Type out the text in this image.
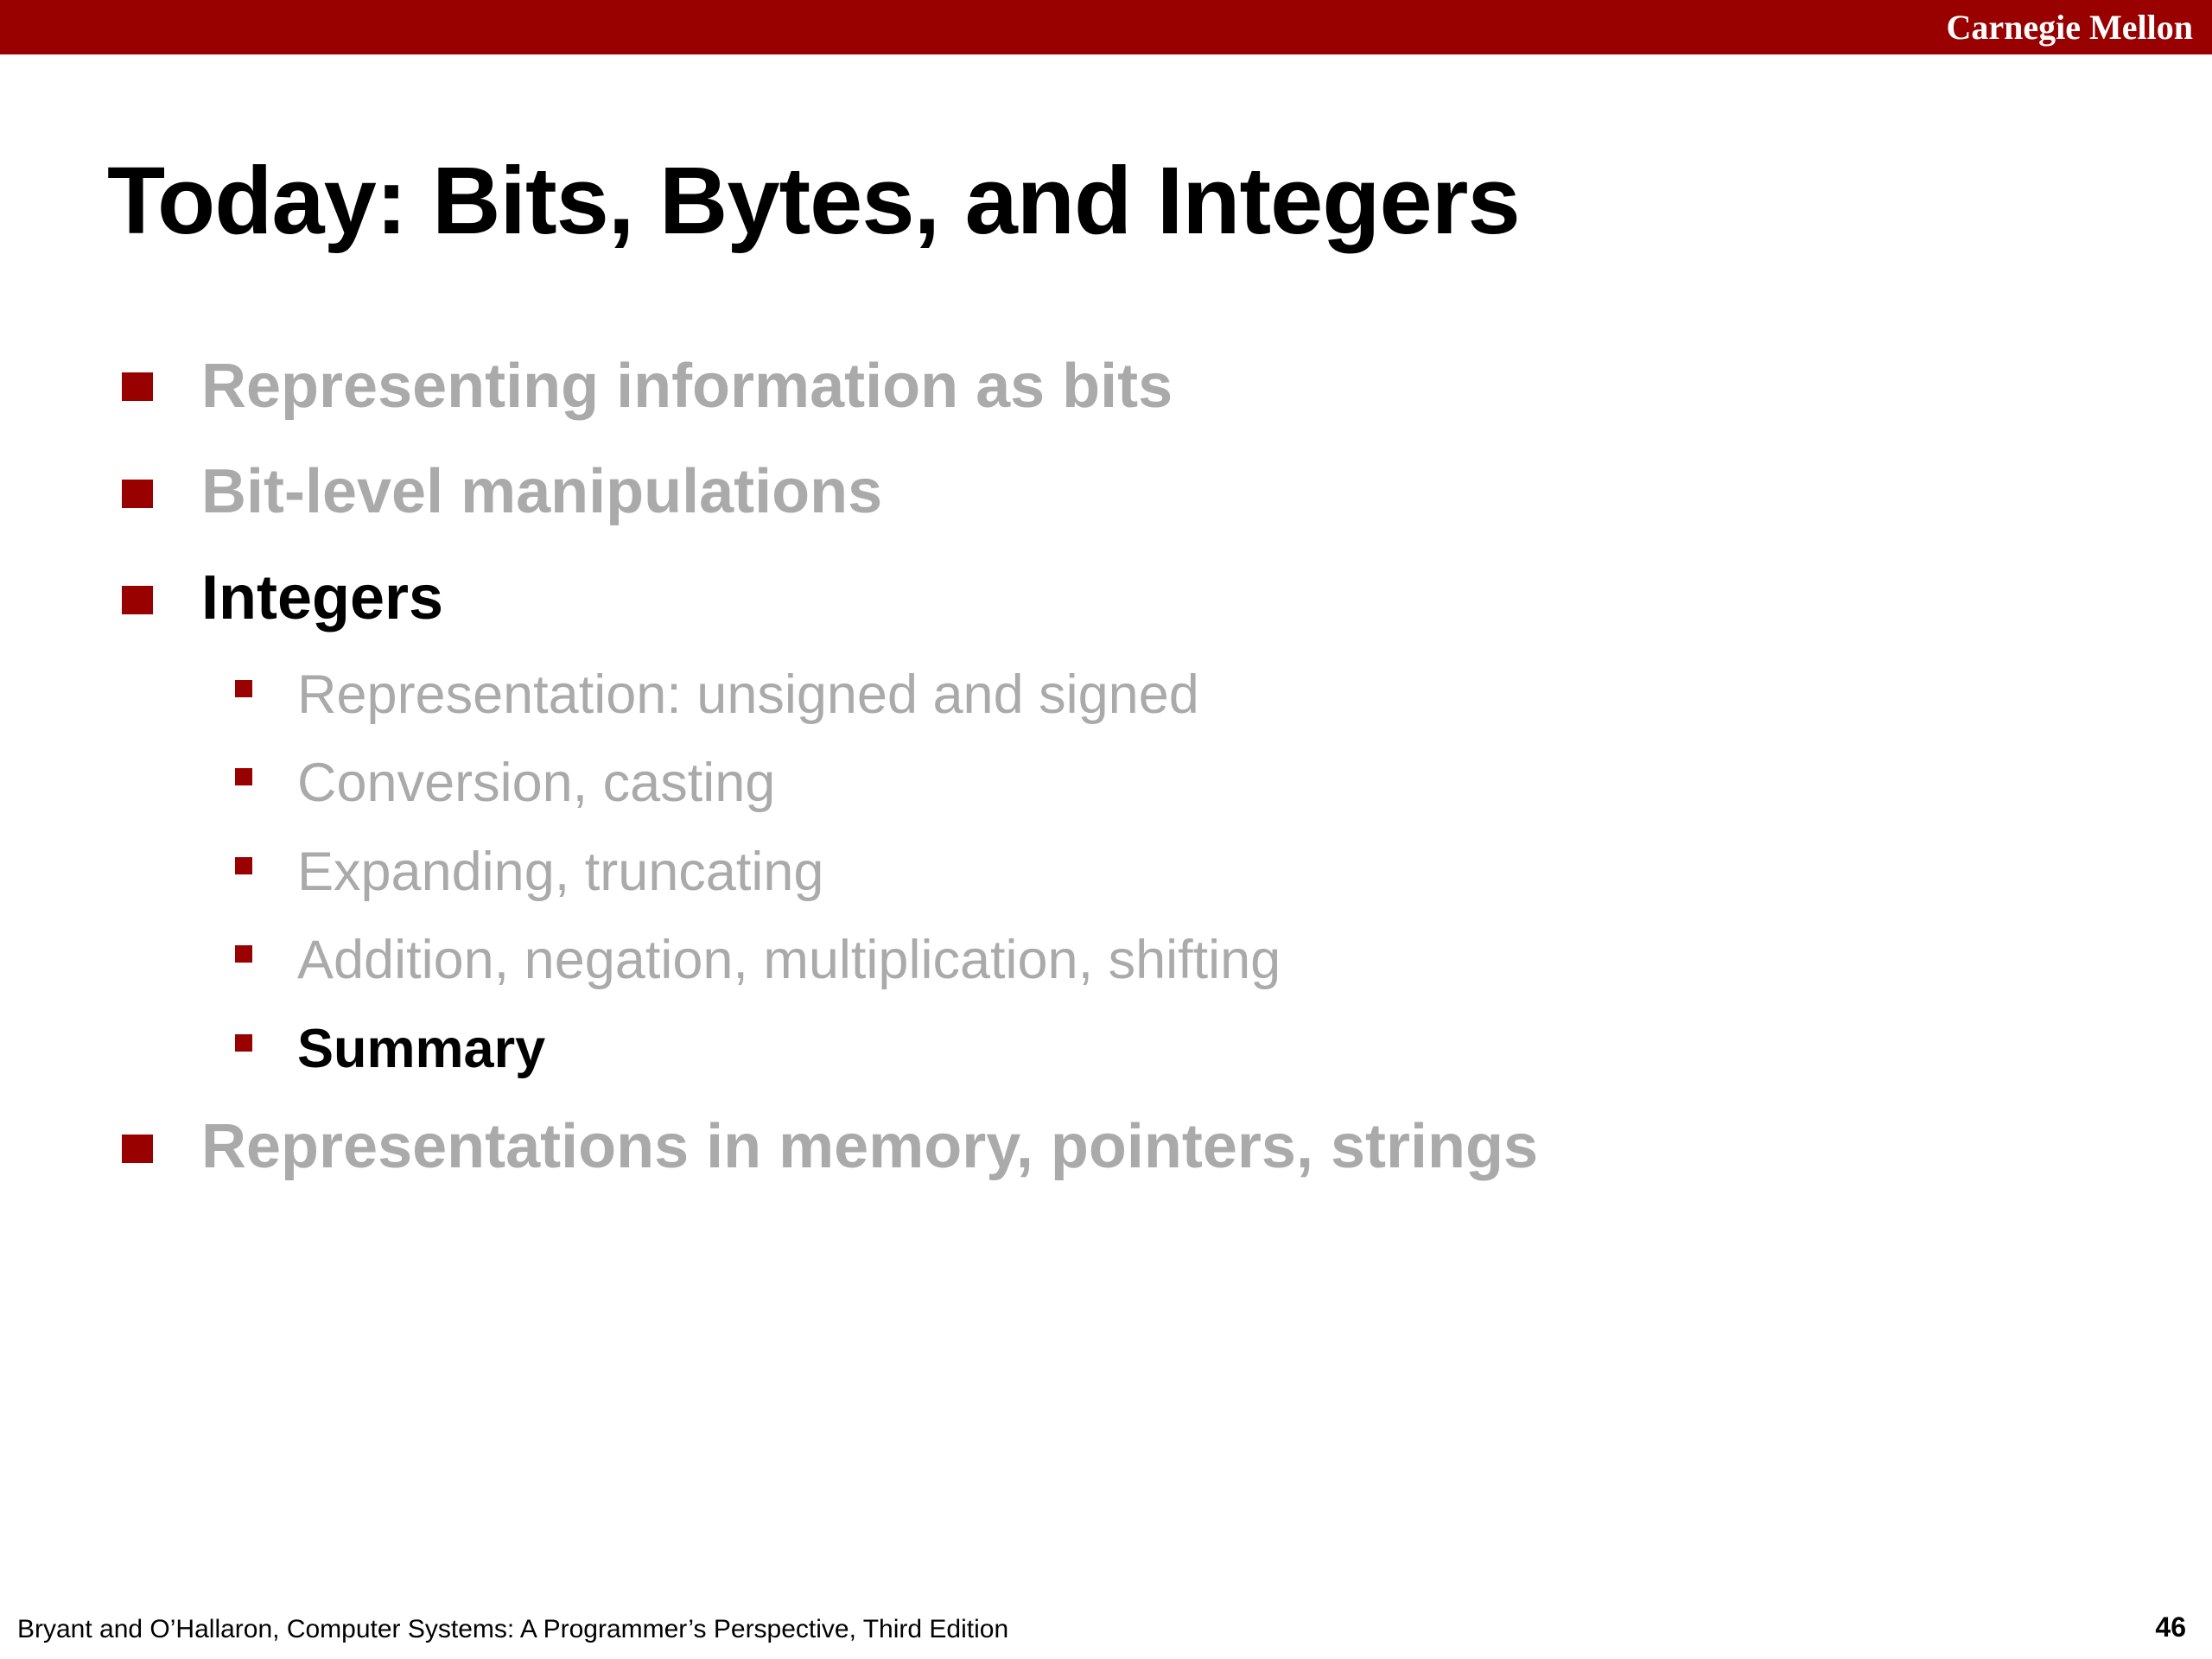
Carnegie Mellon
Today: Bits, Bytes, and Integers
Representing information as bits
Bit-level manipulations
Integers
Representation: unsigned and signed
Conversion, casting
Expanding, truncating
Addition, negation, multiplication, shifting
Summary
Representations in memory, pointers, strings
Bryant and O’Hallaron, Computer Systems: A Programmer’s Perspective, Third Edition	46
